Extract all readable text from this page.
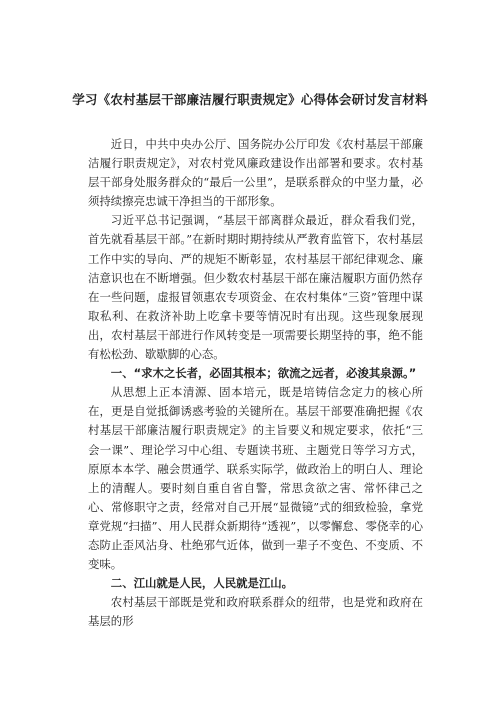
学习《农村基层干部廉洁履行职责规定》心得体会研讨发言材料

近日，中共中央办公厅、国务院办公厅印发《农村基层干部廉洁履行职责规定》，对农村党风廉政建设作出部署和要求。农村基层干部身处服务群众的“最后一公里”，是联系群众的中坚力量，必须持续擦亮忠诚干净担当的干部形象。

习近平总书记强调，“基层干部离群众最近，群众看我们党，首先就看基层干部。”在新时期时期持续从严教育监管下，农村基层工作中实的导向、严的规矩不断彰显，农村基层干部纪律观念、廉洁意识也在不断增强。但少数农村基层干部在廉洁履职方面仍然存在一些问题，虚报冒领惠农专项资金、在农村集体“三资”管理中谋取私利、在救济补助上吃拿卡要等情况时有出现。这些现象展现出，农村基层干部进行作风转变是一项需要长期坚持的事，绝不能有松松劲、歇歇脚的心态。

一、“求木之长者，必固其根本；欲流之远者，必浚其泉源。”

从思想上正本清源、固本培元，既是培铸信念定力的核心所在，更是自觉抵御诱惑考验的关键所在。基层干部要准确把握《农村基层干部廉洁履行职责规定》的主旨要义和规定要求，依托“三会一课”、理论学习中心组、专题读书班、主题党日等学习方式，原原本本学、融会贯通学、联系实际学，做政治上的明白人、理论上的清醒人。要时刻自重自省自警，常思贪欲之害、常怀律己之心、常修职守之责，经常对自己开展“显微镜”式的细致检验，拿党章党规“扫描”、用人民群众新期待“透视”，以零懈怠、零侥幸的心态防止歪风沾身、杜绝邪气近体，做到一辈子不变色、不变质、不变味。

二、江山就是人民，人民就是江山。

农村基层干部既是党和政府联系群众的纽带，也是党和政府在基层的形
